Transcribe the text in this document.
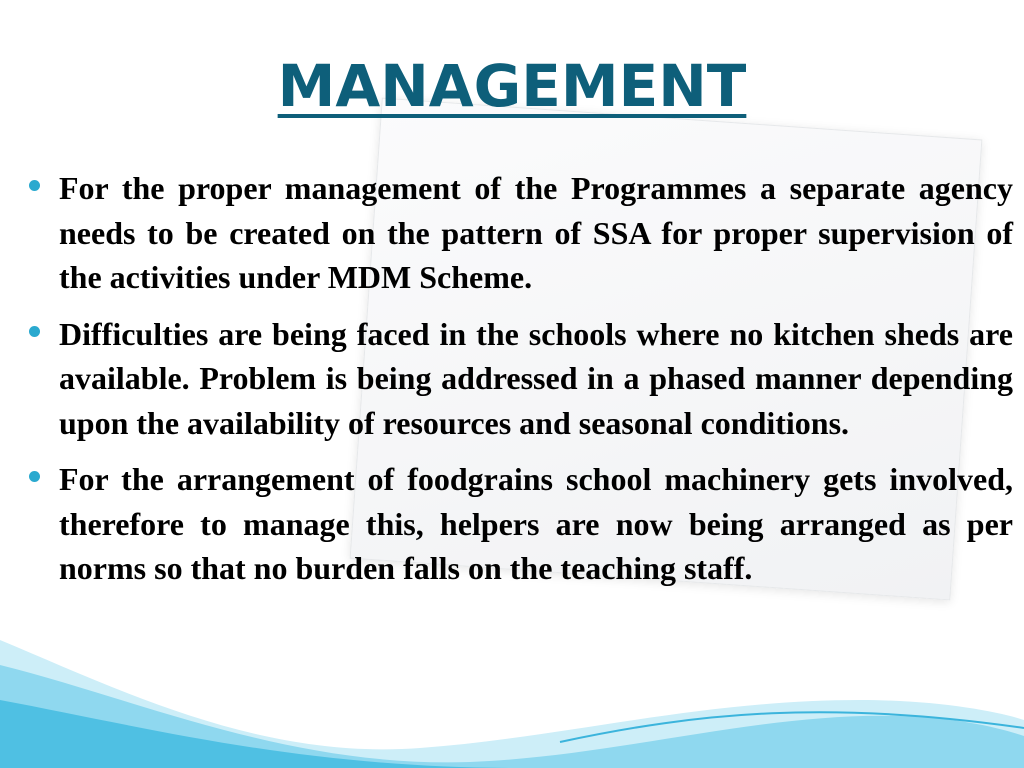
MANAGEMENT
For the proper management of the Programmes a separate agency needs to be created on the pattern of SSA for proper supervision of the activities under MDM Scheme.
Difficulties are being faced in the schools where no kitchen sheds are available. Problem is being addressed in a phased manner depending upon the availability of resources and seasonal conditions.
For the arrangement of foodgrains school machinery gets involved, therefore to manage this, helpers are now being arranged as per norms so that no burden falls on the teaching staff.
